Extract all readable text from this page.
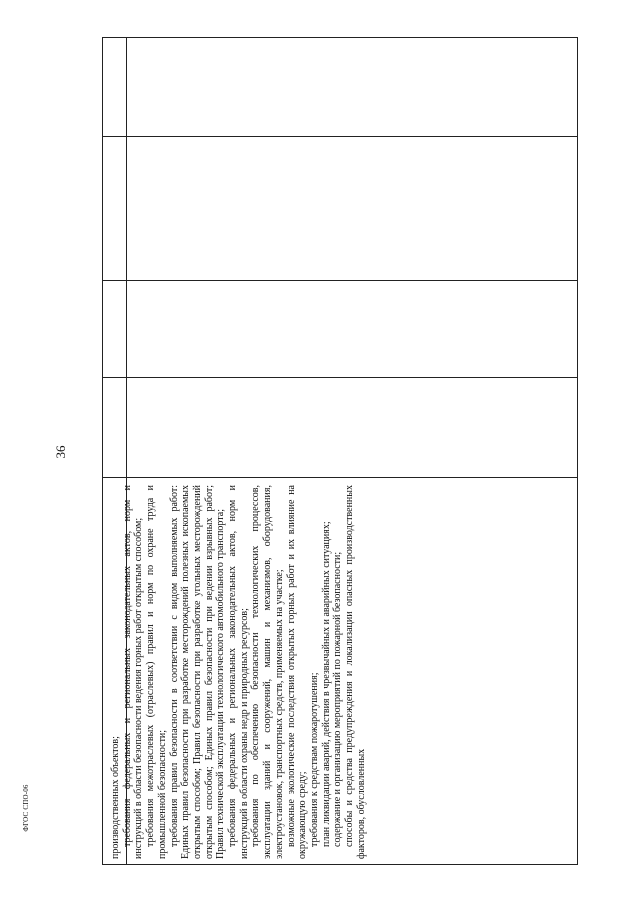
36
ФГОС СПО-06	производственных объектов; требования федеральных и региональных законодательных актов, норм и инструкций в области безопасности ведения горных работ открытым способом; требования межотраслевых (отраслевых) правил и норм по охране труда и промышленной безопасности; требования правил безопасности в соответствии с видом выполняемых работ: Единых правил безопасности при разработке месторождений полезных ископаемых открытым способом; Правил безопасности при разработке угольных месторождений открытым способом; Единых правил безопасности при ведении взрывных работ; Правил технической эксплуатации технологического автомобильного транспорта; требования федеральных и региональных законодательных актов, норм и инструкций в области охраны недр и природных ресурсов; требования по обеспечению безопасности технологических процессов, эксплуатации зданий и сооружений, машин и механизмов, оборудования, электроустановок, транспортных средств, применяемых на участке; возможные экологические последствия открытых горных работ и их влияние на окружающую среду; требования к средствам пожаротушения; план ликвидации аварий, действия в чрезвычайных и аварийных ситуациях; содержание и организацию мероприятий по пожарной безопасности; способы и средства предупреждения и локализации опасных производственных факторов, обусловленных
